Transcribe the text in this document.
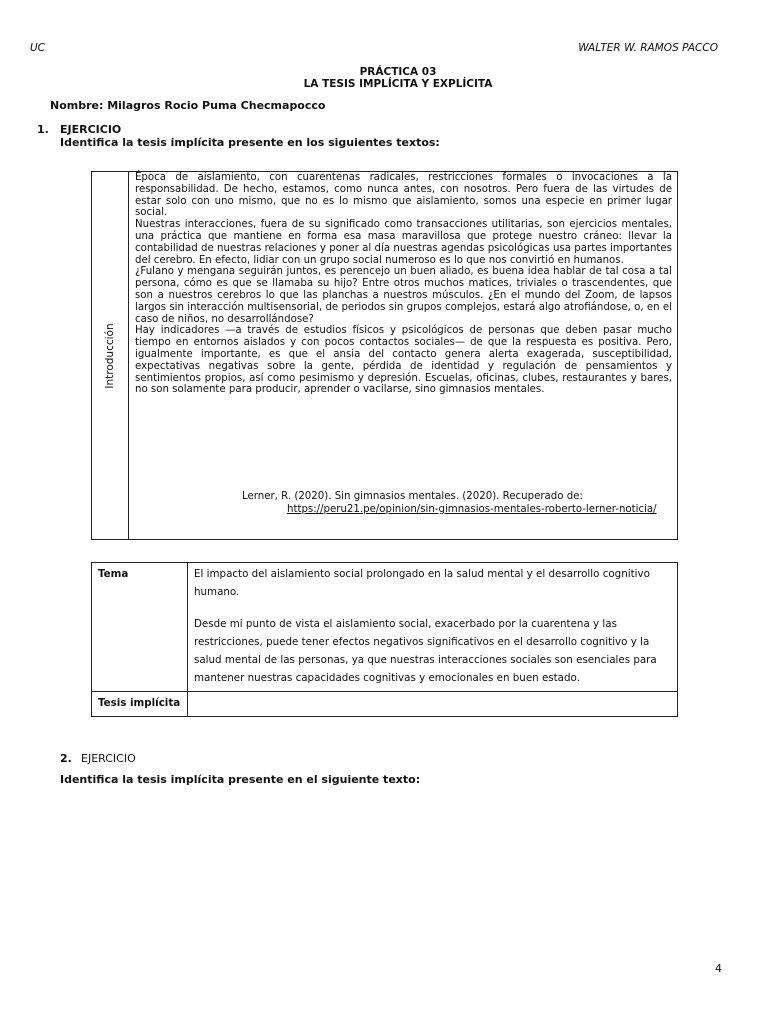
UC	WALTER W. RAMOS PACCO
PRÁCTICA 03
LA TESIS IMPLÍCITA Y EXPLÍCITA
Nombre: Milagros Rocio Puma Checmapocco
1. EJERCICIO
Identifica la tesis implícita presente en los siguientes textos:
Introducción

Época de aislamiento, con cuarentenas radicales, restricciones formales o invocaciones a la responsabilidad. De hecho, estamos, como nunca antes, con nosotros. Pero fuera de las virtudes de estar solo con uno mismo, que no es lo mismo que aislamiento, somos una especie en primer lugar social.

Nuestras interacciones, fuera de su significado como transacciones utilitarias, son ejercicios mentales, una práctica que mantiene en forma esa masa maravillosa que protege nuestro cráneo: llevar la contabilidad de nuestras relaciones y poner al día nuestras agendas psicológicas usa partes importantes del cerebro. En efecto, lidiar con un grupo social numeroso es lo que nos convirtió en humanos.

¿Fulano y mengana seguirán juntos, es perencejo un buen aliado, es buena idea hablar de tal cosa a tal persona, cómo es que se llamaba su hijo? Entre otros muchos matices, triviales o trascendentes, que son a nuestros cerebros lo que las planchas a nuestros músculos. ¿En el mundo del Zoom, de lapsos largos sin interacción multisensorial, de periodos sin grupos complejos, estará algo atrofiándose, o, en el caso de niños, no desarrollándose?

Hay indicadores —a través de estudios físicos y psicológicos de personas que deben pasar mucho tiempo en entornos aislados y con pocos contactos sociales— de que la respuesta es positiva. Pero, igualmente importante, es que el ansia del contacto genera alerta exagerada, susceptibilidad, expectativas negativas sobre la gente, pérdida de identidad y regulación de pensamientos y sentimientos propios, así como pesimismo y depresión. Escuelas, oficinas, clubes, restaurantes y bares, no son solamente para producir, aprender o vacilarse, sino gimnasios mentales.

Lerner, R. (2020). Sin gimnasios mentales. (2020). Recuperado de:
https://peru21.pe/opinion/sin-gimnasios-mentales-roberto-lerner-noticia/
Tema	El impacto del aislamiento social prolongado en la salud mental y el desarrollo cognitivo humano.
Desde mi punto de vista el aislamiento social, exacerbado por la cuarentena y las restricciones, puede tener efectos negativos significativos en el desarrollo cognitivo y la salud mental de las personas, ya que nuestras interacciones sociales son esenciales para mantener nuestras capacidades cognitivas y emocionales en buen estado.

Tesis implícita	
2. EJERCICIO
Identifica la tesis implícita presente en el siguiente texto:
4
